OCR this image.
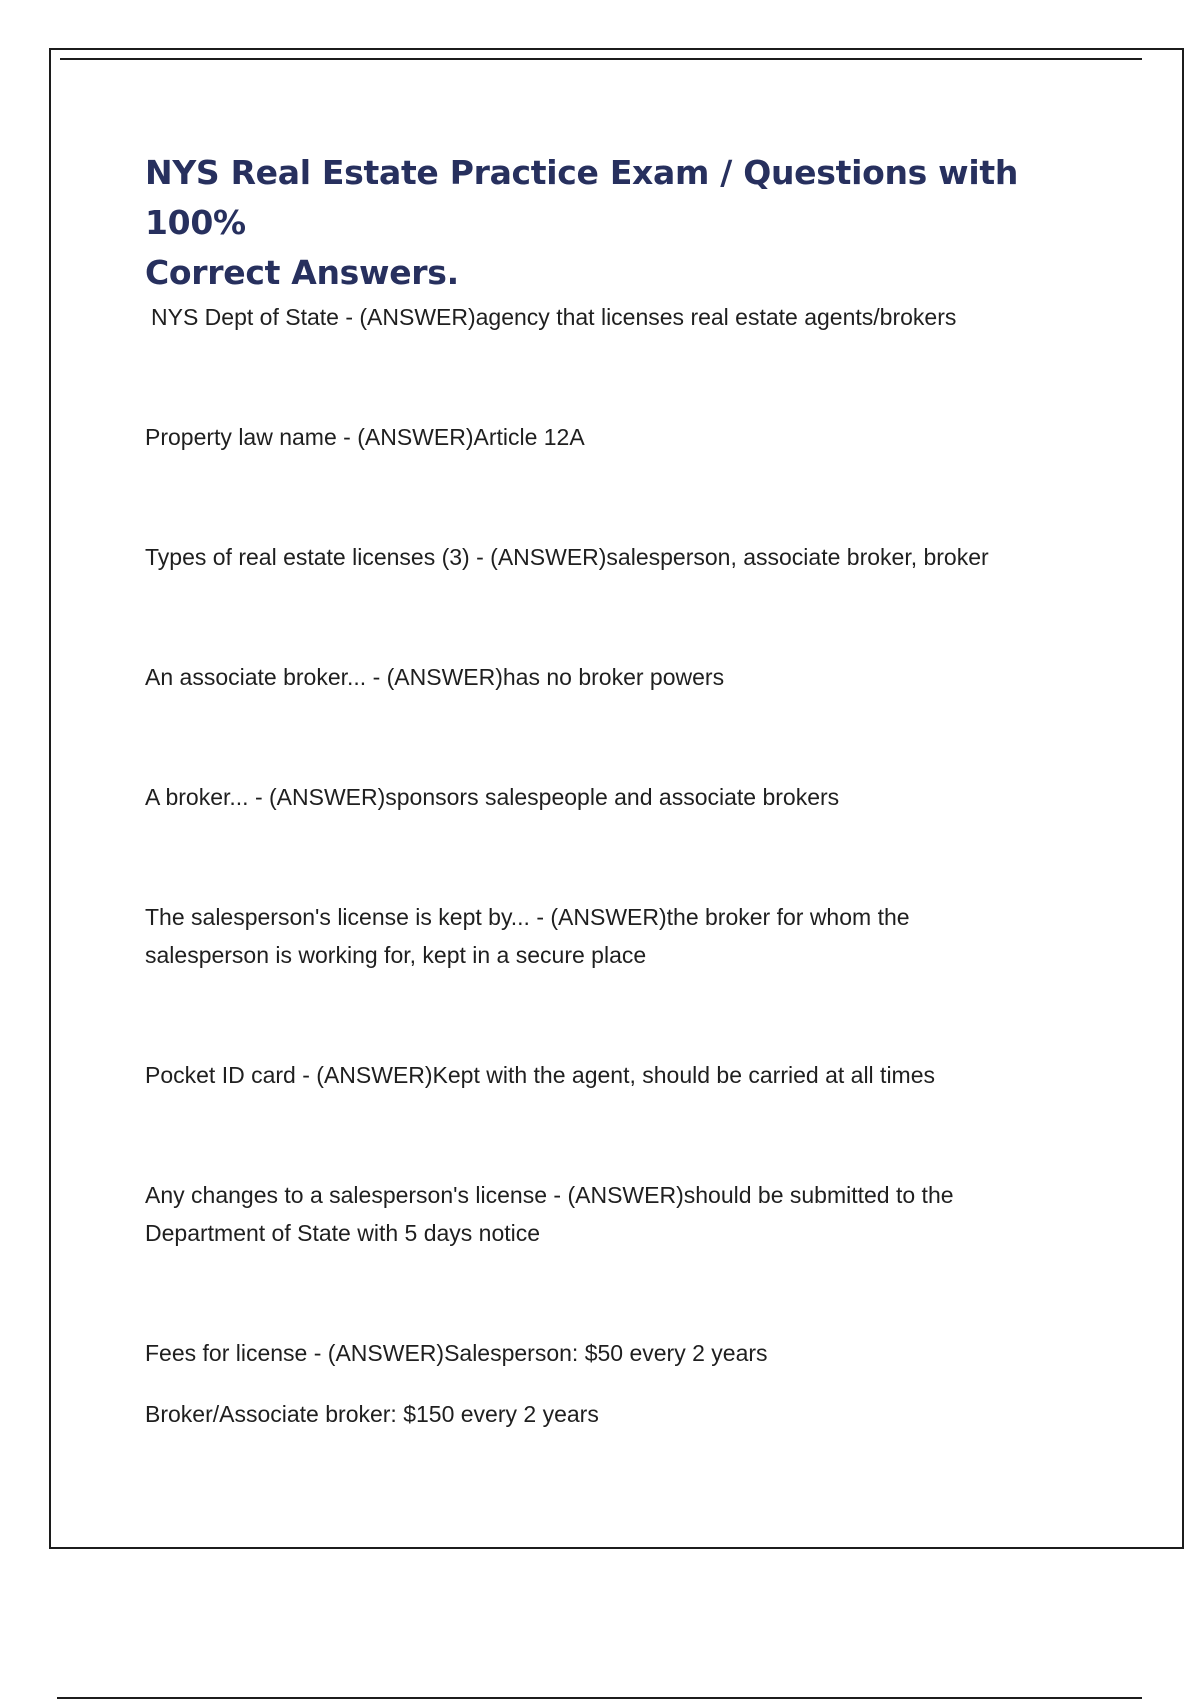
NYS Real Estate Practice Exam / Questions with 100%
Correct Answers.
NYS Dept of State - (ANSWER)agency that licenses real estate agents/brokers
Property law name - (ANSWER)Article 12A
Types of real estate licenses (3) - (ANSWER)salesperson, associate broker, broker
An associate broker... - (ANSWER)has no broker powers
A broker... - (ANSWER)sponsors salespeople and associate brokers
The salesperson's license is kept by... - (ANSWER)the broker for whom the
salesperson is working for, kept in a secure place
Pocket ID card - (ANSWER)Kept with the agent, should be carried at all times
Any changes to a salesperson's license - (ANSWER)should be submitted to the
Department of State with 5 days notice
Fees for license - (ANSWER)Salesperson: $50 every 2 years
Broker/Associate broker: $150 every 2 years
